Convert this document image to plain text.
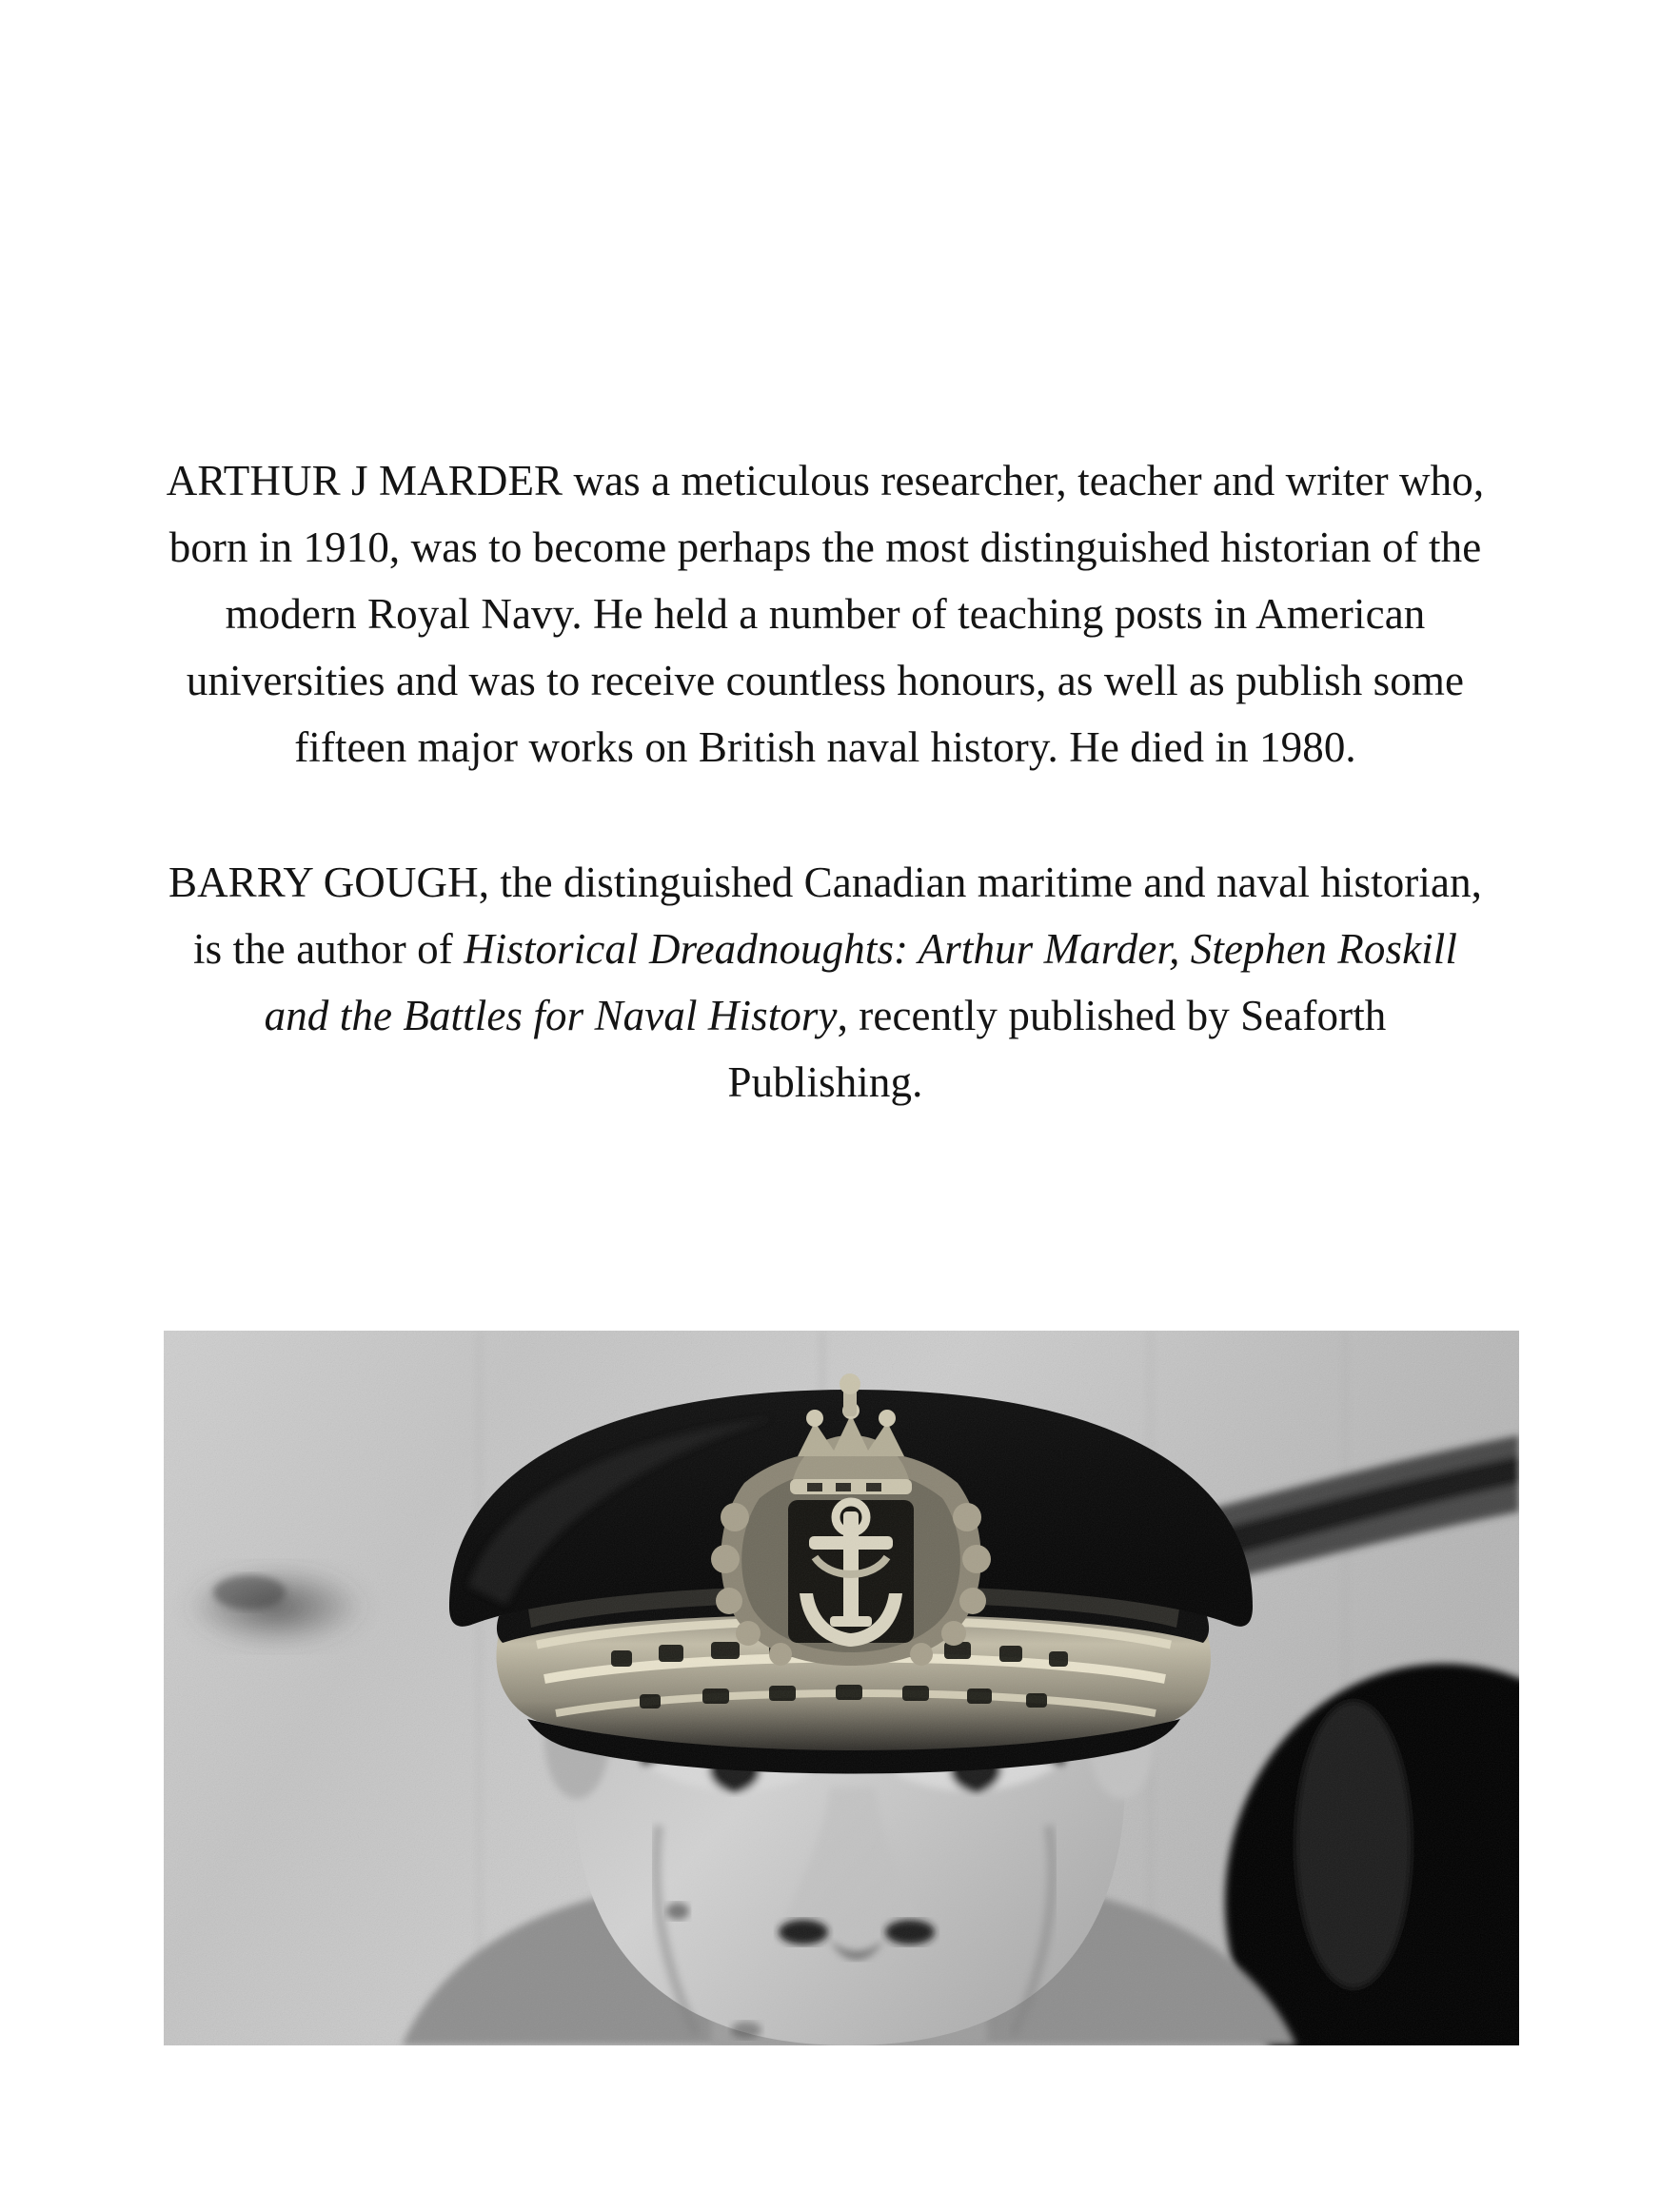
ARTHUR J MARDER was a meticulous researcher, teacher and writer who, born in 1910, was to become perhaps the most distinguished historian of the modern Royal Navy. He held a number of teaching posts in American universities and was to receive countless honours, as well as publish some fifteen major works on British naval history. He died in 1980.

BARRY GOUGH, the distinguished Canadian maritime and naval historian, is the author of Historical Dreadnoughts: Arthur Marder, Stephen Roskill and the Battles for Naval History, recently published by Seaforth Publishing.
